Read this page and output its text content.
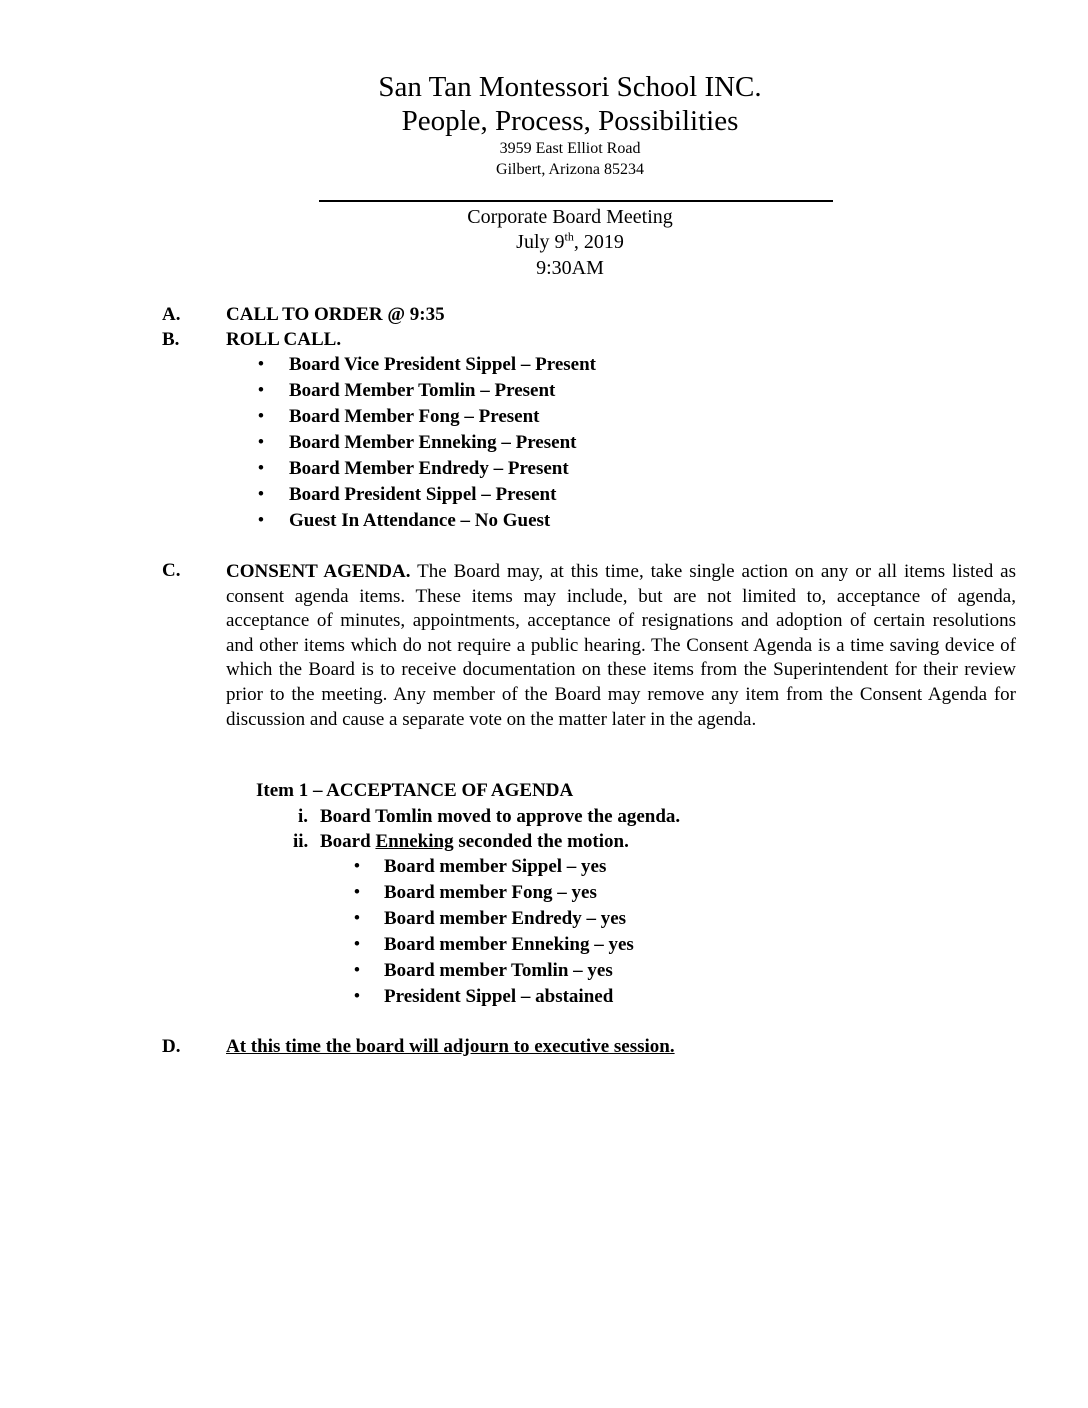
San Tan Montessori School INC.
People, Process, Possibilities
3959 East Elliot Road
Gilbert, Arizona 85234
Corporate Board Meeting
July 9th, 2019
9:30AM
A. CALL TO ORDER @ 9:35
B. ROLL CALL.
• Board Vice President Sippel – Present
• Board Member Tomlin – Present
• Board Member Fong – Present
• Board Member Enneking – Present
• Board Member Endredy – Present
• Board President Sippel – Present
• Guest In Attendance – No Guest
C. CONSENT AGENDA. The Board may, at this time, take single action on any or all items listed as consent agenda items. These items may include, but are not limited to, acceptance of agenda, acceptance of minutes, appointments, acceptance of resignations and adoption of certain resolutions and other items which do not require a public hearing. The Consent Agenda is a time saving device of which the Board is to receive documentation on these items from the Superintendent for their review prior to the meeting. Any member of the Board may remove any item from the Consent Agenda for discussion and cause a separate vote on the matter later in the agenda.
Item 1 – ACCEPTANCE OF AGENDA
i. Board Tomlin moved to approve the agenda.
ii. Board Enneking seconded the motion.
• Board member Sippel – yes
• Board member Fong – yes
• Board member Endredy – yes
• Board member Enneking – yes
• Board member Tomlin – yes
• President Sippel – abstained
D. At this time the board will adjourn to executive session.
